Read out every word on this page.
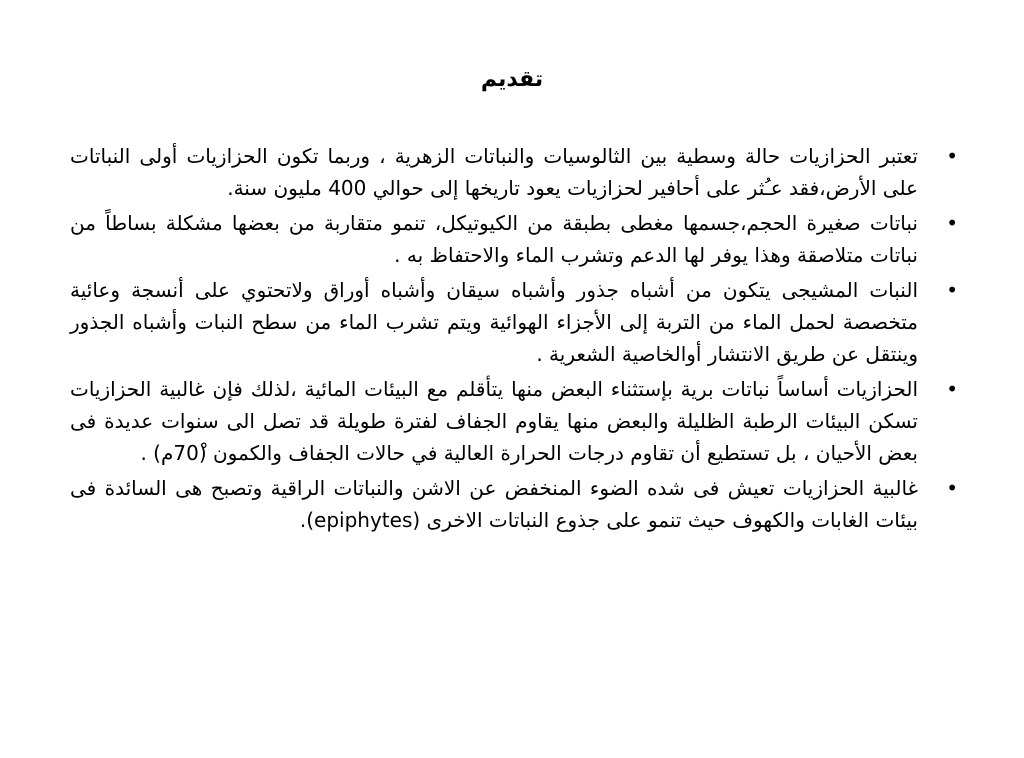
تقديم
•
تعتبر الحزازيات حالة وسطية بين الثالوسيات والنباتات الزهرية ، وربما تكون الحزازيات أولى النباتات على الأرض،فقد عـُثر على أحافير لحزازيات يعود تاريخها إلى حوالي 400 مليون سنة.
•
نباتات صغيرة الحجم،جسمها مغطى بطبقة من الكيوتيكل، تنمو متقاربة من بعضها مشكلة بساطاً من نباتات متلاصقة وهذا يوفر لها الدعم وتشرب الماء والاحتفاظ به .
•
النبات المشيجى يتكون من أشباه جذور وأشباه سيقان وأشباه أوراق ولاتحتوي على أنسجة وعائية متخصصة لحمل الماء من التربة إلى الأجزاء الهوائية ويتم تشرب الماء من سطح النبات وأشباه الجذور وينتقل عن طريق الانتشار أوالخاصية الشعرية .
•
الحزازيات أساساً نباتات برية بإستثناء البعض منها يتأقلم مع البيئات المائية ،لذلك فإن غالبية الحزازيات تسكن البيئات الرطبة الظليلة والبعض منها يقاوم الجفاف لفترة طويلة قد تصل الى سنوات عديدة فى بعض الأحيان ، بل تستطيع أن تقاوم درجات الحرارة العالية في حالات الجفاف والكمون (70ْم) .
•
غالبية الحزازيات تعيش فى شده الضوء المنخفض عن الاشن والنباتات الراقية وتصبح هى السائدة فى بيئات الغابات والكهوف حيث تنمو على جذوع النباتات الاخرى (epiphytes).
